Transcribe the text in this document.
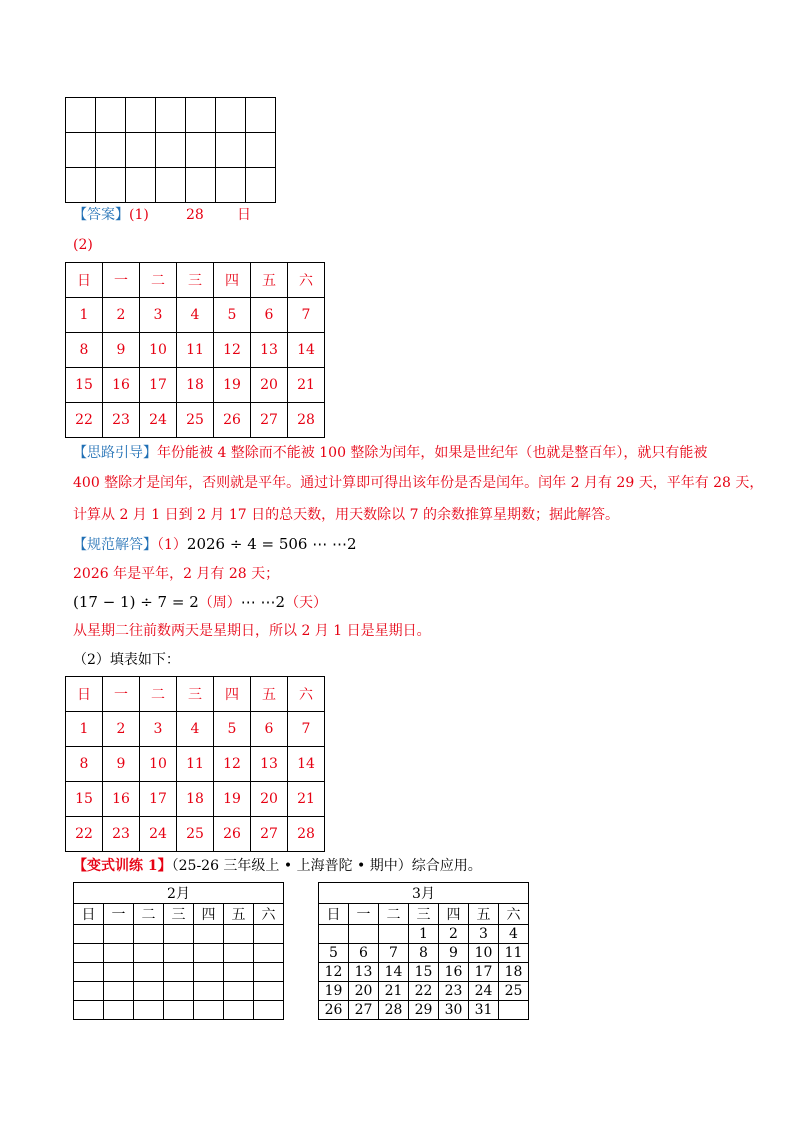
【答案】(1)	28 日
(2)
日	一	二	三	四	五	六
1	2	3	4	5	6	7
8	9	10	11	12	13	14
15	16	17	18	19	20	21
22	23	24	25	26	27	28
【思路引导】年份能被 4 整除而不能被 100 整除为闰年，如果是世纪年（也就是整百年），就只有能被
400 整除才是闰年，否则就是平年。通过计算即可得出该年份是否是闰年。闰年 2 月有 29 天，平年有 28 天，
计算从 2 月 1 日到 2 月 17 日的总天数，用天数除以 7 的余数推算星期数；据此解答。
【规范解答】（1）2026 ÷ 4 = 506 ⋯ ⋯2
2026 年是平年，2 月有 28 天；
(17 − 1) ÷ 7 = 2（周）⋯ ⋯2（天）
从星期二往前数两天是星期日，所以 2 月 1 日是星期日。
（2）填表如下：
日	一	二	三	四	五	六
1	2	3	4	5	6	7
8	9	10	11	12	13	14
15	16	17	18	19	20	21
22	23	24	25	26	27	28
【变式训练 1】（25-26 三年级上 • 上海普陀 • 期中）综合应用。
2月						
日	一	二	三	四	五	六

3月						
日	一	二	三	四	五	六
			1	2	3	4
5	6	7	8	9	10	11
12	13	14	15	16	17	18
19	20	21	22	23	24	25
26	27	28	29	30	31	
